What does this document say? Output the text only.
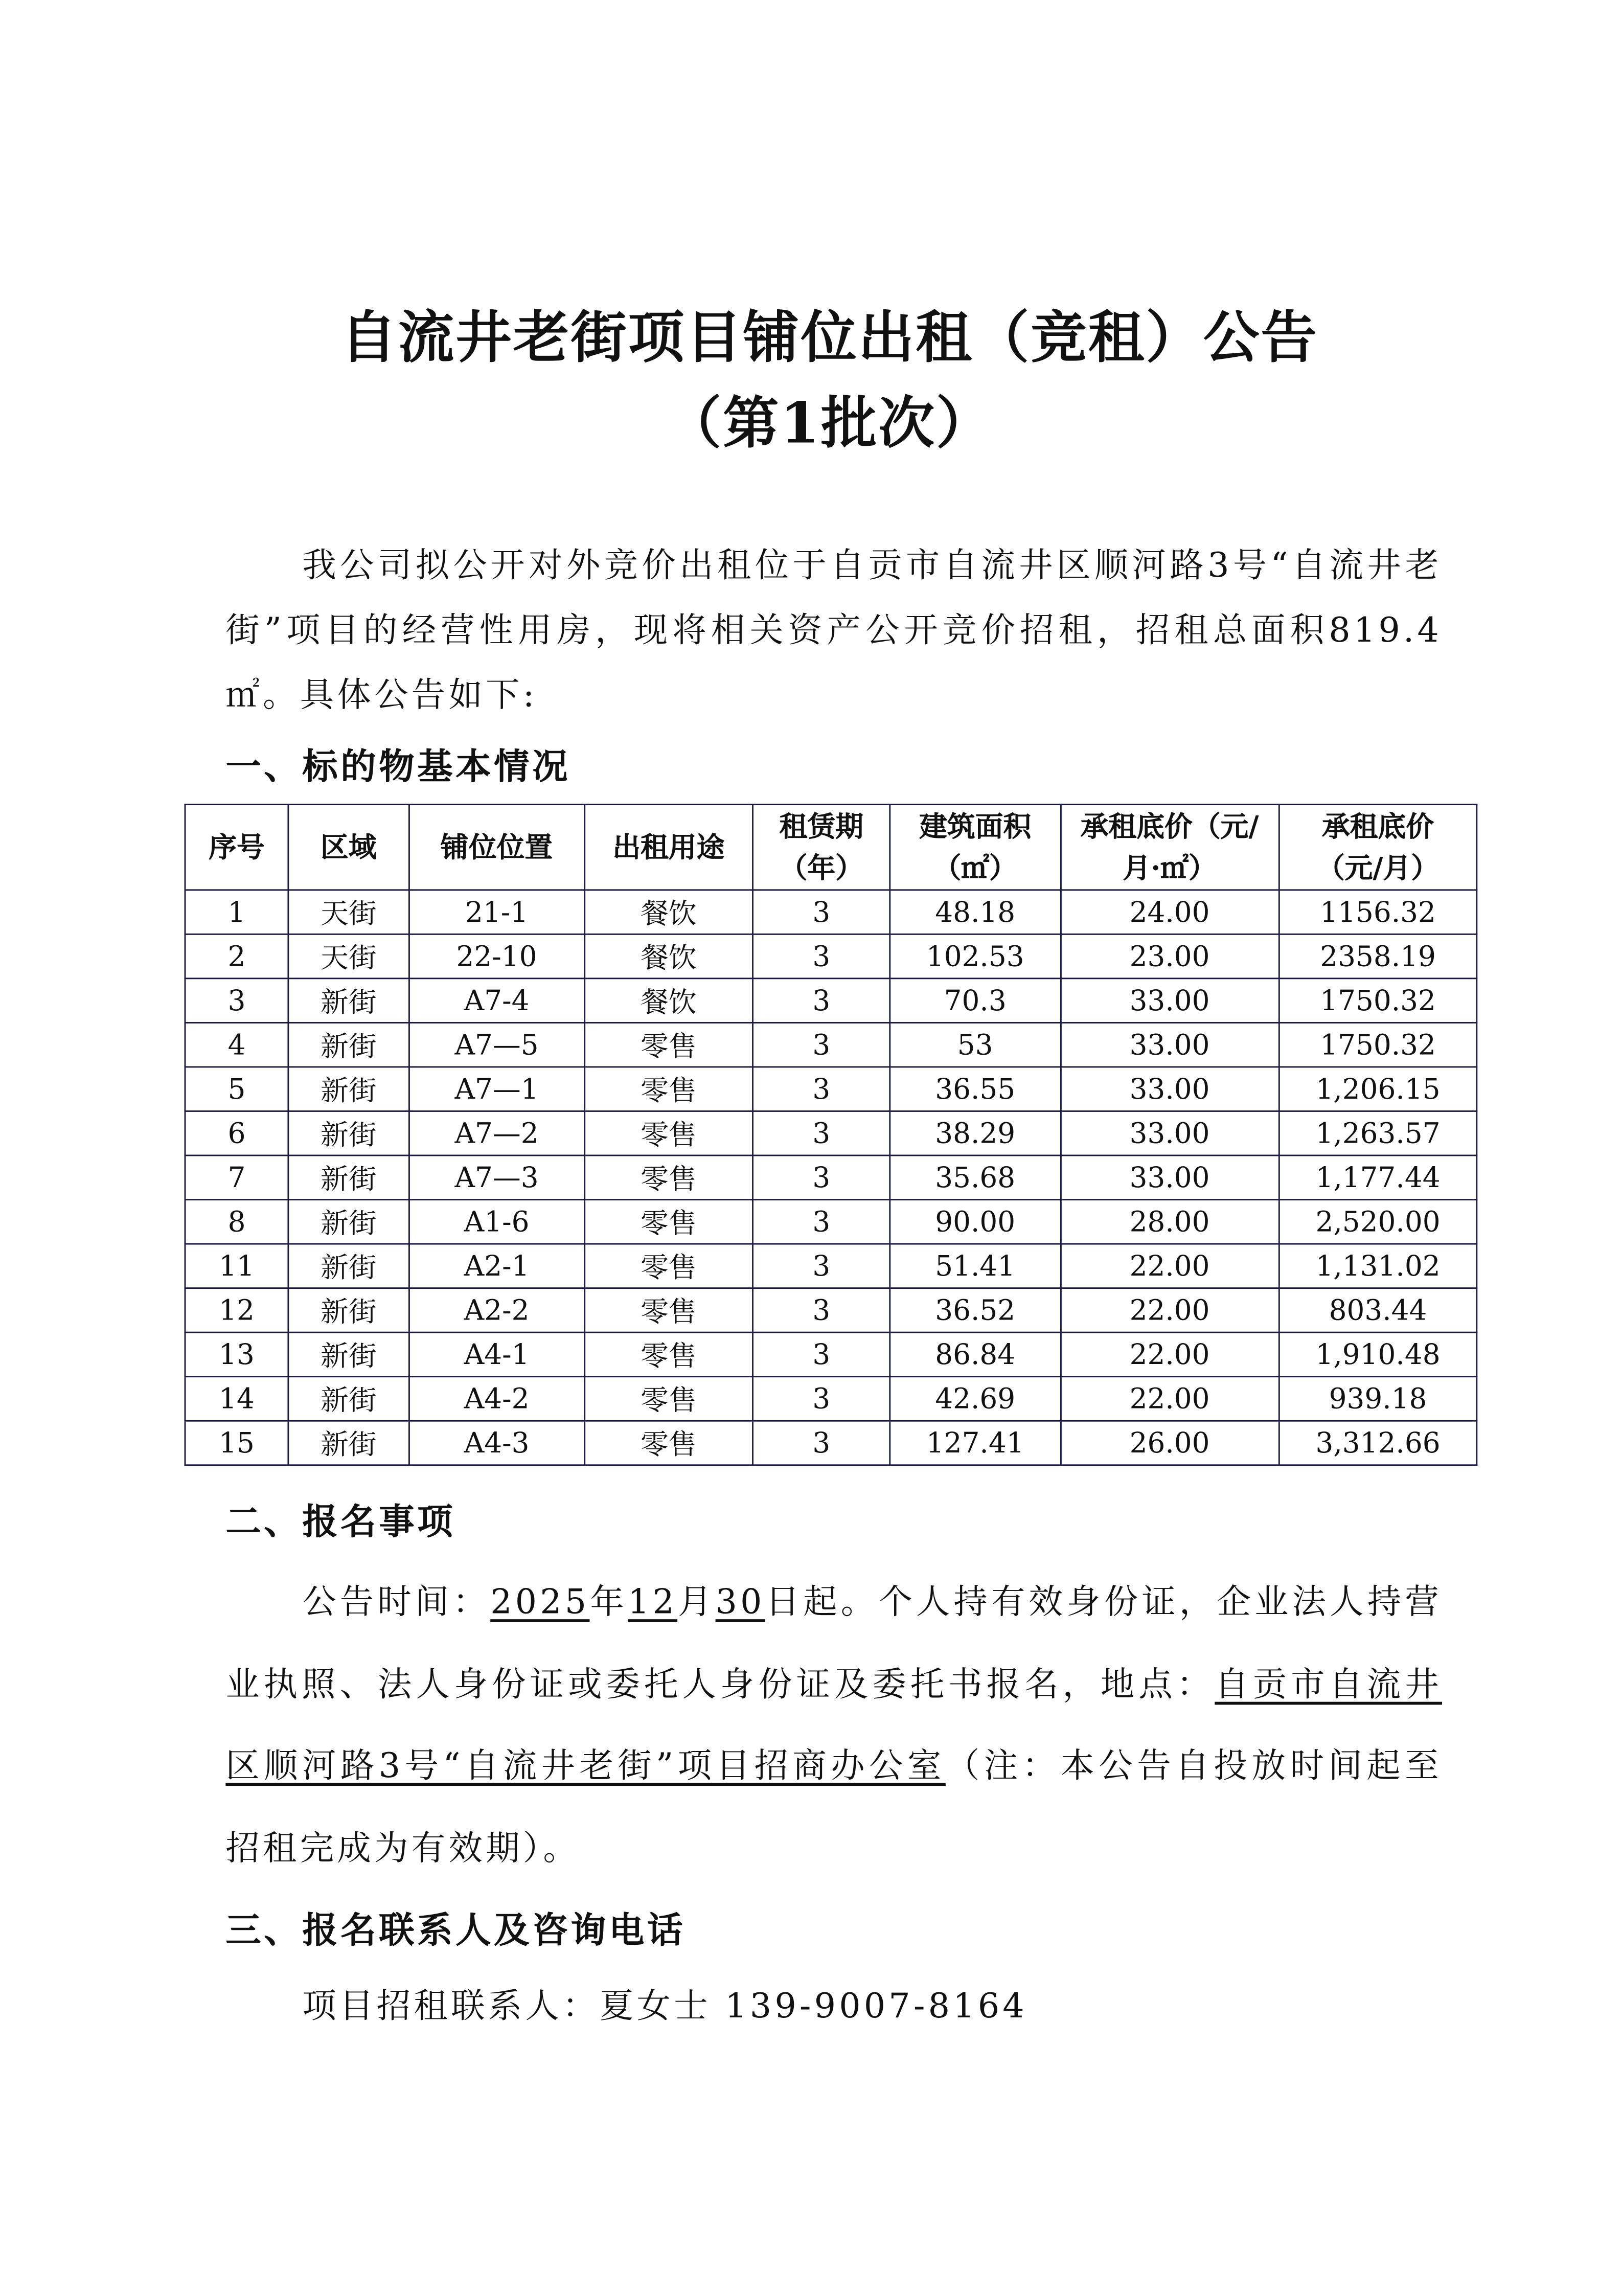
自流井老街项目铺位出租（竞租）公告
（第1批次）
我公司拟公开对外竞价出租位于自贡市自流井区顺河路3号“自流井老街”项目的经营性用房，现将相关资产公开竞价招租，招租总面积819.4㎡。具体公告如下:
一、标的物基本情况
序号	区域	铺位位置	出租用途	租赁期（年）	建筑面积（㎡）	承租底价（元/月·㎡）	承租底价（元/月）
1	天街	21-1	餐饮	3	48.18	24.00	1156.32
2	天街	22-10	餐饮	3	102.53	23.00	2358.19
3	新街	A7-4	餐饮	3	70.3	33.00	1750.32
4	新街	A7—5	零售	3	53	33.00	1750.32
5	新街	A7—1	零售	3	36.55	33.00	1,206.15
6	新街	A7—2	零售	3	38.29	33.00	1,263.57
7	新街	A7—3	零售	3	35.68	33.00	1,177.44
8	新街	A1-6	零售	3	90.00	28.00	2,520.00
11	新街	A2-1	零售	3	51.41	22.00	1,131.02
12	新街	A2-2	零售	3	36.52	22.00	803.44
13	新街	A4-1	零售	3	86.84	22.00	1,910.48
14	新街	A4-2	零售	3	42.69	22.00	939.18
15	新街	A4-3	零售	3	127.41	26.00	3,312.66
二、报名事项
公告时间：2025年12月30日起。个人持有效身份证，企业法人持营业执照、法人身份证或委托人身份证及委托书报名，地点：自贡市自流井区顺河路3号“自流井老街”项目招商办公室（注：本公告自投放时间起至招租完成为有效期）。
三、报名联系人及咨询电话
项目招租联系人：夏女士 139-9007-8164
